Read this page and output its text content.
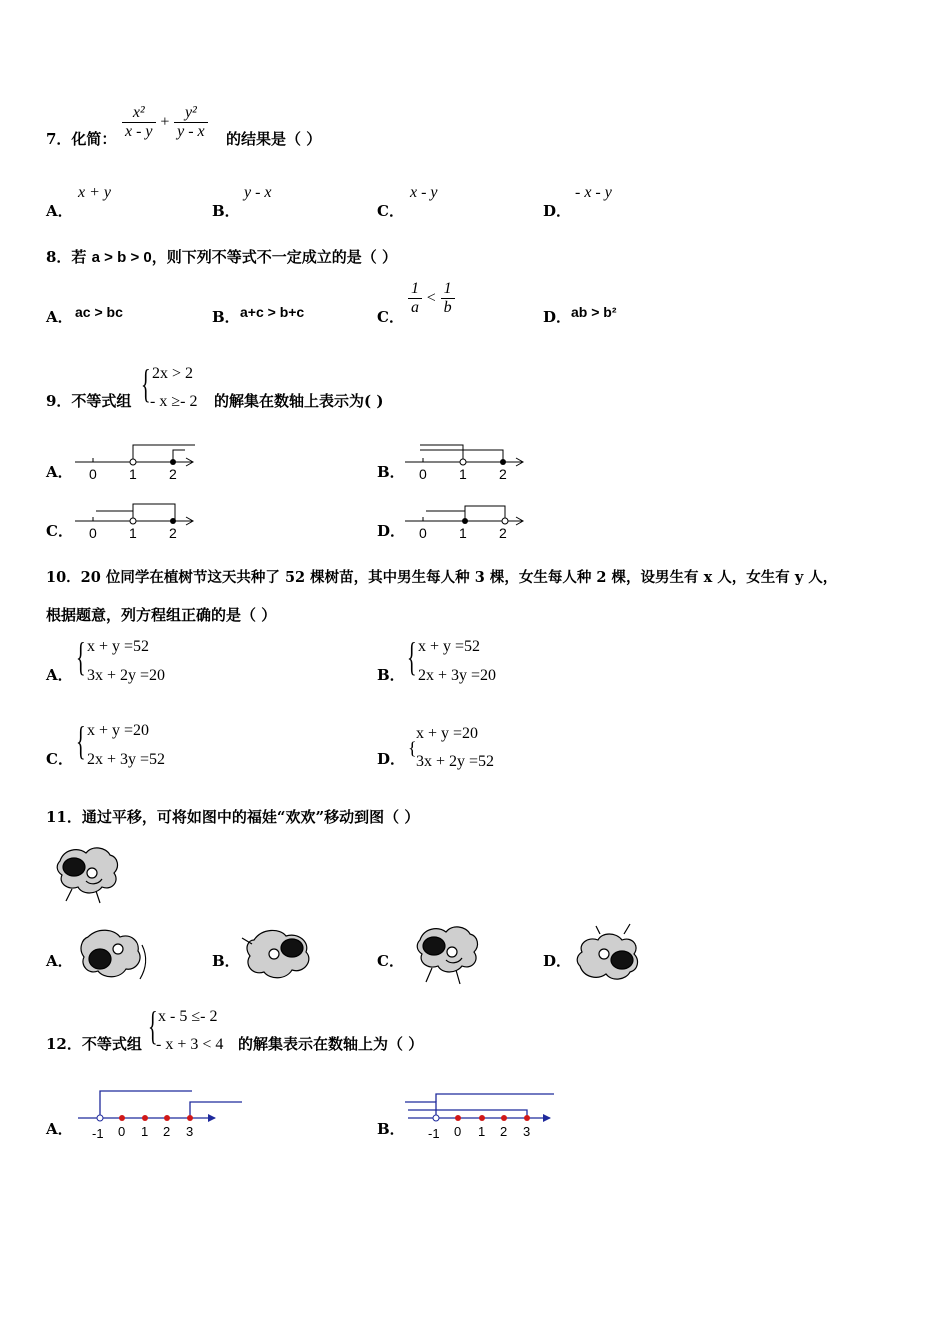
7．化简： $\frac{\text{x²}}{x - y} + \frac{\text{y²}}{y - x}$ 的结果是（ ）
A．
x + y
B．
y - x
C．
x - y
D．
- x - y
8．若 a > b > 0，则下列不等式不一定成立的是（ ）
A． ac > bc	B． a+c > b+c	C． $\frac{1}{a} < \frac{1}{b}$	D． ab > b²
9．不等式组 { 2x > 2
- x ≥- 2 的解集在数轴上表示为( )
A． 0 1 2	B． 0 1 2
C． 0 1 2	D． 0 1 2
10．20 位同学在植树节这天共种了 52 棵树苗，其中男生每人种 3 棵，女生每人种 2 棵，设男生有 x 人，女生有 y 人，
根据题意，列方程组正确的是（ ）
A． { x + y =52
3x + 2y =20	B． { x + y =52
2x + 3y =20
C． { x + y =20
2x + 3y =52	D．
{
x + y =20
3x + 2y =52
11．通过平移，可将如图中的福娃“欢欢”移动到图（ ）
A．	B．	C．	D．
12．不等式组 { x - 5 ≤- 2
- x + 3 < 4 的解集表示在数轴上为（ ）
A． -1 0 1 2 3	B． -1 0 1 2 3
